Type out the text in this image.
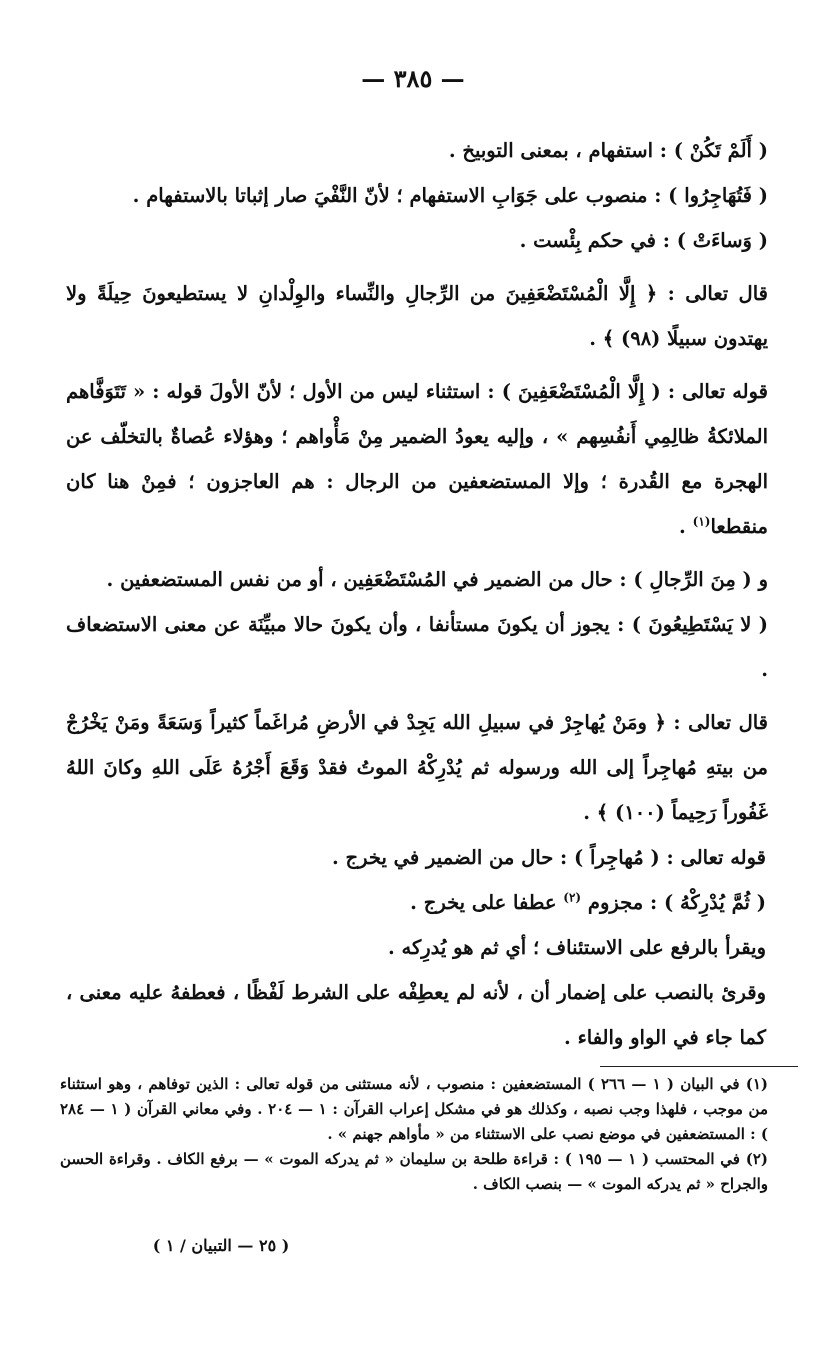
— ٣٨٥ —

( أَلَمْ تَكُنْ ) : استفهام ، بمعنى التوبيخ .

( فَتُهَاجِرُوا ) : منصوب على جَوَابِ الاستفهام ؛ لأنّ النَّفْيَ صار إثباتا بالاستفهام .

( وَساءَتْ ) : في حكم بِئْست .

قال تعالى : ﴿ إِلَّا الْمُسْتَضْعَفِينَ من الرِّجالِ والنِّساء والوِلْدانِ لا يستطيعونَ حِيلَةً ولا يهتدون سبيلًا (٩٨) ﴾ .

قوله تعالى : ( إِلَّا الْمُسْتَضْعَفِينَ ) : استثناء ليس من الأول ؛ لأنّ الأولَ قوله : « تَتَوَفَّاهم الملائكةُ ظالِمِي أَنفُسِهم » ، وإليه يعودُ الضمير مِنْ مَأْواهم ؛ وهؤلاء عُصاةٌ بالتخلّف عن الهجرة مع القُدرة ؛ وإلا المستضعفين من الرجال : هم العاجزون ؛ فمِنْ هنا كان منقطعا$^{(١)}$ .

و ( مِنَ الرِّجالِ ) : حال من الضمير في المُسْتَضْعَفِين ، أو من نفس المستضعفين .

( لا يَسْتَطِيعُونَ ) : يجوز أن يكونَ مستأنفا ، وأن يكونَ حالا مبيِّنَة عن معنى الاستضعاف .

قال تعالى : ﴿ ومَنْ يُهاجِرْ في سبيلِ الله يَجِدْ في الأرضِ مُراغَماً كثيراً وَسَعَةً ومَنْ يَخْرُجْ من بيتهِ مُهاجِراً إلى الله ورسوله ثم يُدْرِكْهُ الموتُ فقدْ وَقَعَ أَجْرُهُ عَلَى اللهِ وكانَ اللهُ غَفُوراً رَحِيماً (١٠٠) ﴾ .

قوله تعالى : ( مُهاجِراً ) : حال من الضمير في يخرج .

( ثُمَّ يُدْرِكْهُ ) : مجزوم $^{(٢)}$ عطفا على يخرج .

ويقرأ بالرفع على الاستئناف ؛ أي ثم هو يُدرِكه .

وقرئ بالنصب على إضمار أن ، لأنه لم يعطِفْه على الشرط لَفْظًا ، فعطفهُ عليه معنى ، كما جاء في الواو والفاء .

(١) في البيان ( ١ — ٢٦٦ ) المستضعفين : منصوب ، لأنه مستثنى من قوله تعالى : الذين توفاهم ، وهو استثناء من موجب ، فلهذا وجب نصبه ، وكذلك هو في مشكل إعراب القرآن : ١ — ٢٠٤ . وفي معاني القرآن ( ١ — ٢٨٤ ) : المستضعفين في موضع نصب على الاستثناء من « مأواهم جهنم » .

(٢) في المحتسب ( ١ — ١٩٥ ) : قراءة طلحة بن سليمان « ثم يدركه الموت » — برفع الكاف . وقراءة الحسن والجراح « ثم يدركه الموت » — بنصب الكاف .

( ٢٥ — التبيان / ١ )
